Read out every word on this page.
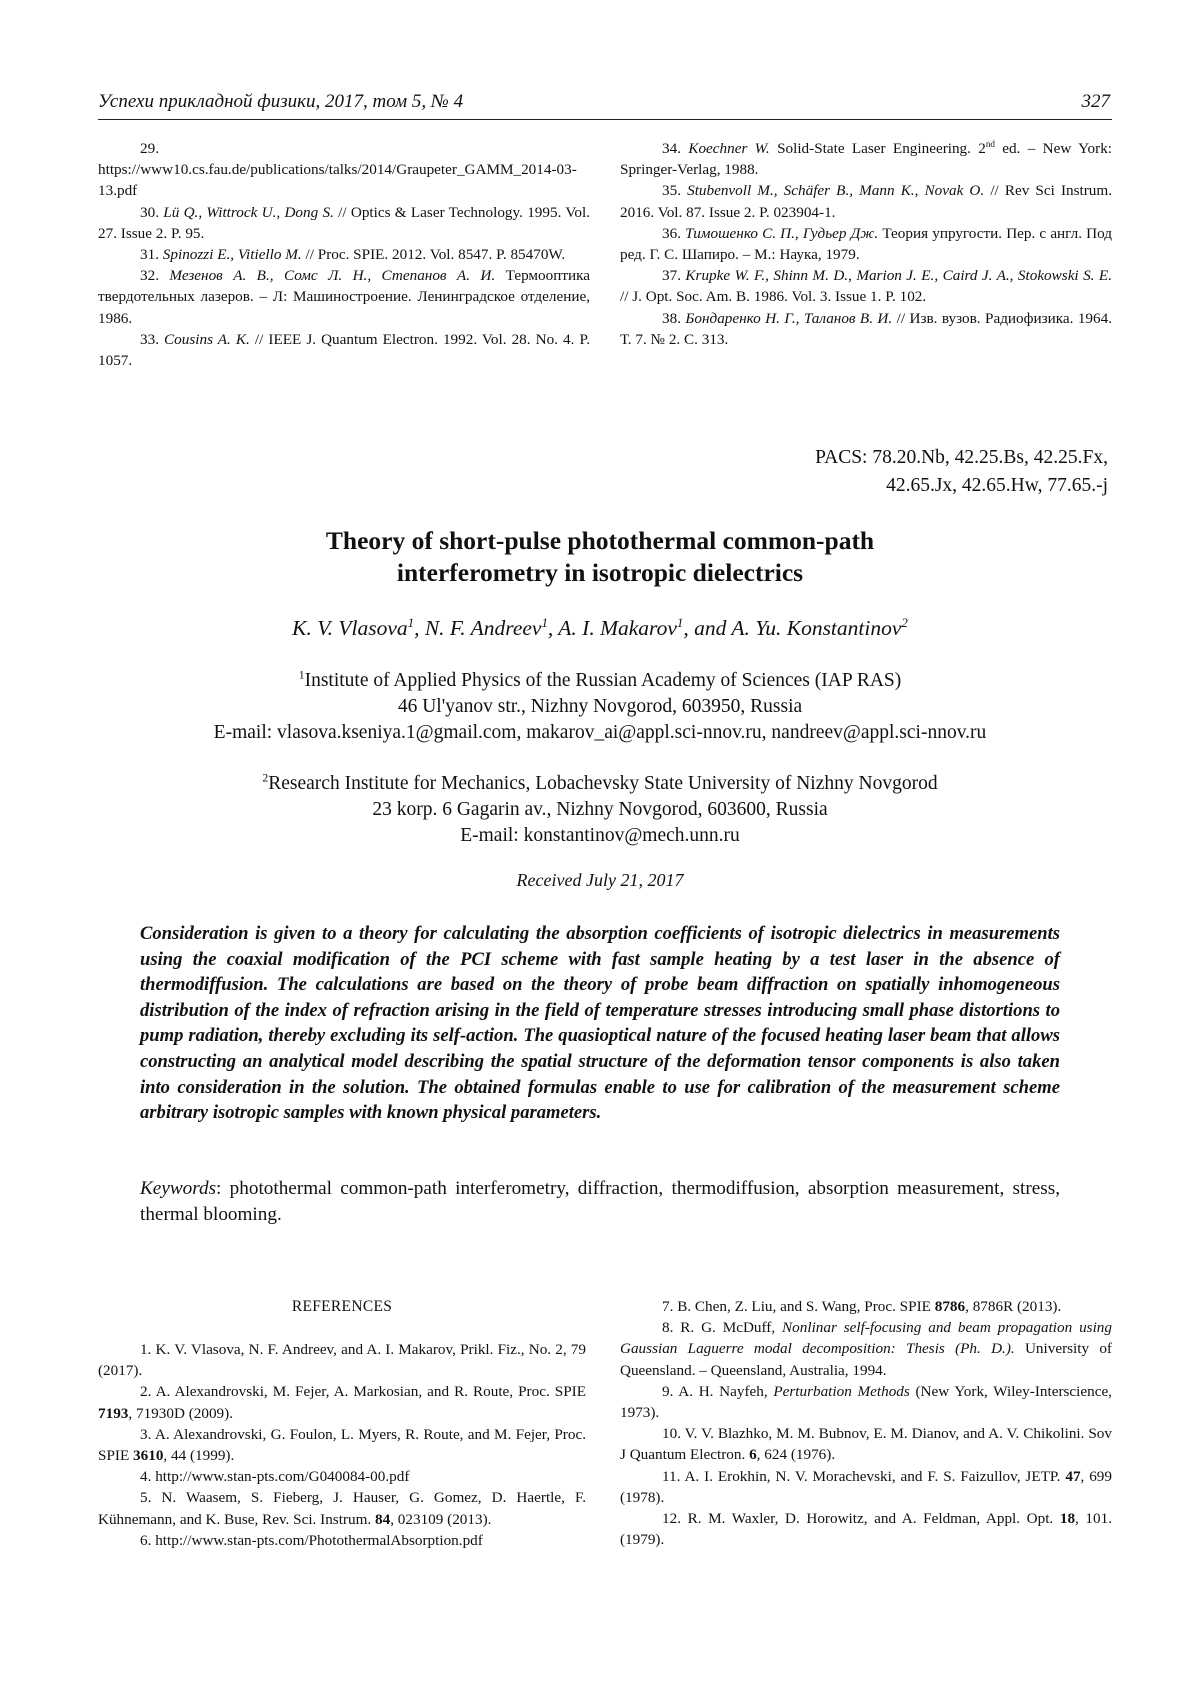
Успехи прикладной физики, 2017, том 5, № 4	327

29. https://www10.cs.fau.de/publications/talks/2014/Graupeter_GAMM_2014-03-13.pdf

30. Lü Q., Wittrock U., Dong S. // Optics & Laser Technology. 1995. Vol. 27. Issue 2. P. 95.

31. Spinozzi E., Vitiello M. // Proc. SPIE. 2012. Vol. 8547. P. 85470W.

32. Мезенов А. В., Сомс Л. Н., Степанов А. И. Термооптика твердотельных лазеров. – Л: Машиностроение. Ленинградское отделение, 1986.

33. Cousins A. K. // IEEE J. Quantum Electron. 1992. Vol. 28. No. 4. P. 1057.

34. Koechner W. Solid-State Laser Engineering. 2nd ed. – New York: Springer-Verlag, 1988.

35. Stubenvoll M., Schäfer B., Mann K., Novak O. // Rev Sci Instrum. 2016. Vol. 87. Issue 2. P. 023904-1.

36. Тимошенко С. П., Гудьер Дж. Теория упругости. Пер. с англ. Под ред. Г. С. Шапиро. – М.: Наука, 1979.

37. Krupke W. F., Shinn M. D., Marion J. E., Caird J. A., Stokowski S. E. // J. Opt. Soc. Am. B. 1986. Vol. 3. Issue 1. P. 102.

38. Бондаренко Н. Г., Таланов В. И. // Изв. вузов. Радиофизика. 1964. Т. 7. № 2. С. 313.

PACS: 78.20.Nb, 42.25.Bs, 42.25.Fx,
42.65.Jx, 42.65.Hw, 77.65.-j
Theory of short-pulse photothermal common-path
interferometry in isotropic dielectrics
K. V. Vlasova$^1$, N. F. Andreev$^1$, A. I. Makarov$^1$, and A. Yu. Konstantinov$^2$
$^1$Institute of Applied Physics of the Russian Academy of Sciences (IAP RAS)
46 Ul'yanov str., Nizhny Novgorod, 603950, Russia
E-mail: vlasova.kseniya.1@gmail.com, makarov_ai@appl.sci-nnov.ru, nandreev@appl.sci-nnov.ru
$^2$Research Institute for Mechanics, Lobachevsky State University of Nizhny Novgorod
23 korp. 6 Gagarin av., Nizhny Novgorod, 603600, Russia
E-mail: konstantinov@mech.unn.ru
Received July 21, 2017
Consideration is given to a theory for calculating the absorption coefficients of isotropic dielectrics in measurements using the coaxial modification of the PCI scheme with fast sample heating by a test laser in the absence of thermodiffusion. The calculations are based on the theory of probe beam diffraction on spatially inhomogeneous distribution of the index of refraction arising in the field of temperature stresses introducing small phase distortions to pump radiation, thereby excluding its self-action. The quasioptical nature of the focused heating laser beam that allows constructing an analytical model describing the spatial structure of the deformation tensor components is also taken into consideration in the solution. The obtained formulas enable to use for calibration of the measurement scheme arbitrary isotropic samples with known physical parameters.
Keywords: photothermal common-path interferometry, diffraction, thermodiffusion, absorption measurement, stress, thermal blooming.
REFERENCES

1. K. V. Vlasova, N. F. Andreev, and A. I. Makarov, Prikl. Fiz., No. 2, 79 (2017).

2. A. Alexandrovski, M. Fejer, A. Markosian, and R. Route, Proc. SPIE 7193, 71930D (2009).

3. A. Alexandrovski, G. Foulon, L. Myers, R. Route, and M. Fejer, Proc. SPIE 3610, 44 (1999).

4. http://www.stan-pts.com/G040084-00.pdf

5. N. Waasem, S. Fieberg, J. Hauser, G. Gomez, D. Haertle, F. Kühnemann, and K. Buse, Rev. Sci. Instrum. 84, 023109 (2013).

6. http://www.stan-pts.com/PhotothermalAbsorption.pdf

7. B. Chen, Z. Liu, and S. Wang, Proc. SPIE 8786, 8786R (2013).

8. R. G. McDuff, Nonlinar self-focusing and beam propagation using Gaussian Laguerre modal decomposition: Thesis (Ph. D.). University of Queensland. – Queensland, Australia, 1994.

9. A. H. Nayfeh, Perturbation Methods (New York, Wiley-Interscience, 1973).

10. V. V. Blazhko, M. M. Bubnov, E. M. Dianov, and A. V. Chikolini. Sov J Quantum Electron. 6, 624 (1976).

11. A. I. Erokhin, N. V. Morachevski, and F. S. Faizullov, JETP. 47, 699 (1978).

12. R. M. Waxler, D. Horowitz, and A. Feldman, Appl. Opt. 18, 101. (1979).
